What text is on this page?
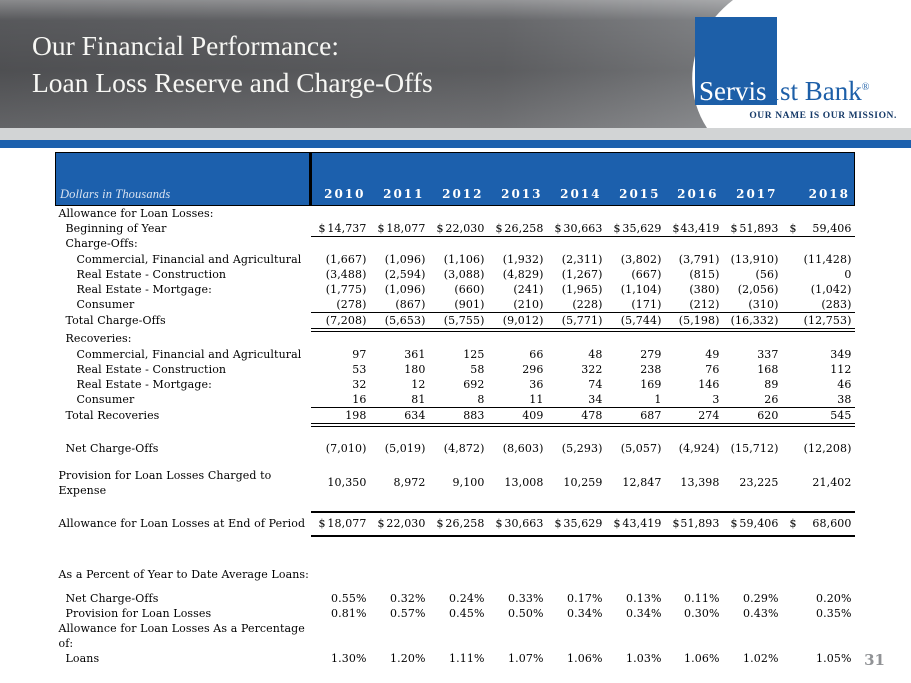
Our Financial Performance:
Loan Loss Reserve and Charge-Offs	Servis1st Bank®
OUR NAME IS OUR MISSION.
Dollars in Thousands	2010	2011	2012	2013	2014	2015	2016	2017	2018
Allowance for Loan Losses:									
Beginning of Year	$ 14,737	$ 18,077	$ 22,030	$ 26,258	$ 30,663	$ 35,629	$ 43,419	$ 51,893	$ 59,406

Charge-Offs:									
Commercial, Financial and Agricultural	(1,667)	(1,096)	(1,106)	(1,932)	(2,311)	(3,802)	(3,791)	(13,910)	(11,428)
Real Estate - Construction	(3,488)	(2,594)	(3,088)	(4,829)	(1,267)	(667)	(815)	(56)	0
Real Estate - Mortgage:	(1,775)	(1,096)	(660)	(241)	(1,965)	(1,104)	(380)	(2,056)	(1,042)
Consumer	(278)	(867)	(901)	(210)	(228)	(171)	(212)	(310)	(283)
Total Charge-Offs	(7,208)	(5,653)	(5,755)	(9,012)	(5,771)	(5,744)	(5,198)	(16,332)	(12,753)
Recoveries:									
Commercial, Financial and Agricultural	97	361	125	66	48	279	49	337	349
Real Estate - Construction	53	180	58	296	322	238	76	168	112
Real Estate - Mortgage:	32	12	692	36	74	169	146	89	46
Consumer	16	81	8	11	34	1	3	26	38
Total Recoveries	198	634	883	409	478	687	274	620	545

Net Charge-Offs	(7,010)	(5,019)	(4,872)	(8,603)	(5,293)	(5,057)	(4,924)	(15,712)	(12,208)

Provision for Loan Losses Charged to Expense	10,350	8,972	9,100	13,008	10,259	12,847	13,398	23,225	21,402

Allowance for Loan Losses at End of Period	$ 18,077	$ 22,030	$ 26,258	$ 30,663	$ 35,629	$ 43,419	$ 51,893	$ 59,406	$ 68,600

As a Percent of Year to Date Average Loans:									

Net Charge-Offs	0.55%	0.32%	0.24%	0.33%	0.17%	0.13%	0.11%	0.29%	0.20%
Provision for Loan Losses	0.81%	0.57%	0.45%	0.50%	0.34%	0.34%	0.30%	0.43%	0.35%
Allowance for Loan Losses As a Percentage of:									
Loans	1.30%	1.20%	1.11%	1.07%	1.06%	1.03%	1.06%	1.02%	1.05% 31
